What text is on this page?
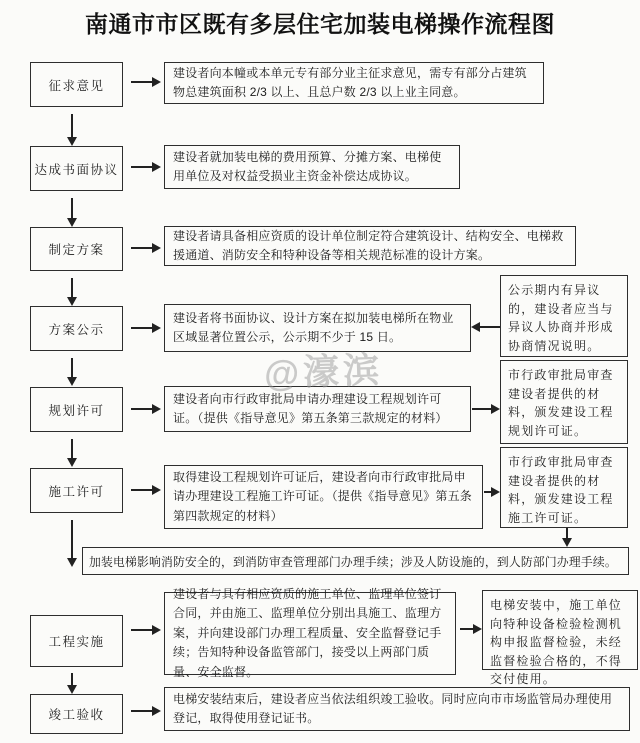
南通市市区既有多层住宅加装电梯操作流程图
征求意见
达成书面协议
制定方案
方案公示
规划许可
施工许可
工程实施
竣工验收
建设者向本幢或本单元专有部分业主征求意见，需专有部分占建筑物总建筑面积 2/3 以上、且总户数 2/3 以上业主同意。
建设者就加装电梯的费用预算、分摊方案、电梯使用单位及对权益受损业主资金补偿达成协议。
建设者请具备相应资质的设计单位制定符合建筑设计、结构安全、电梯救援通道、消防安全和特种设备等相关规范标准的设计方案。
建设者将书面协议、设计方案在拟加装电梯所在物业区域显著位置公示，公示期不少于 15 日。
建设者向市行政审批局申请办理建设工程规划许可证。（提供《指导意见》第五条第三款规定的材料）
取得建设工程规划许可证后，建设者向市行政审批局申请办理建设工程施工许可证。（提供《指导意见》第五条第四款规定的材料）
建设者与具有相应资质的施工单位、监理单位签订合同，并由施工、监理单位分别出具施工、监理方案，并向建设部门办理工程质量、安全监督登记手续；告知特种设备监管部门，接受以上两部门质量、安全监督。
电梯安装结束后，建设者应当依法组织竣工验收。同时应向市市场监管局办理使用登记，取得使用登记证书。
加装电梯影响消防安全的，到消防审查管理部门办理手续；涉及人防设施的，到人防部门办理手续。
公示期内有异议的，建设者应当与异议人协商并形成协商情况说明。
市行政审批局审查建设者提供的材料，颁发建设工程规划许可证。
市行政审批局审查建设者提供的材料，颁发建设工程施工许可证。
电梯安装中，施工单位向特种设备检验检测机构申报监督检验，未经监督检验合格的，不得交付使用。
@濠滨
